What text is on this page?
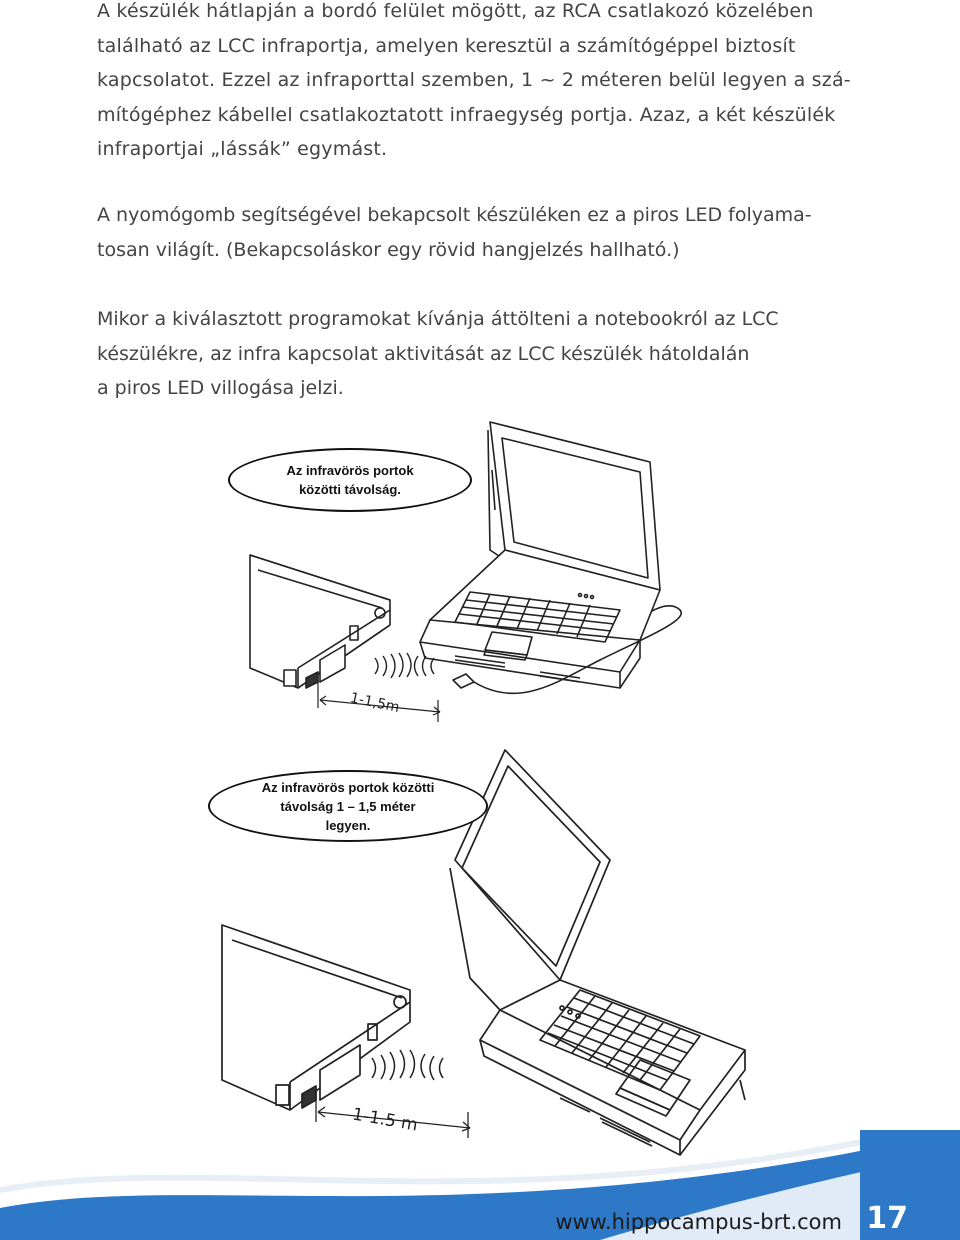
A készülék hátlapján a bordó felület mögött, az RCA csatlakozó közelében
található az LCC infraportja, amelyen keresztül a számítógéppel biztosít
kapcsolatot. Ezzel az infraporttal szemben, 1 ~ 2 méteren belül legyen a szá-
mítógéphez kábellel csatlakoztatott infraegység portja. Azaz, a két készülék
infraportjai „lássák” egymást.

A nyomógomb segítségével bekapcsolt készüléken ez a piros LED folyama-
tosan világít. (Bekapcsoláskor egy rövid hangjelzés hallható.)

Mikor a kiválasztott programokat kívánja áttölteni a notebookról az LCC
készülékre, az infra kapcsolat aktivitását az LCC készülék hátoldalán
a piros LED villogása jelzi.

1-1,5m
Az infravörös portok
közötti távolság.
1-1.5 m
Az infravörös portok közötti
távolság 1 – 1,5 méter
legyen.
www.hippocampus-brt.com 17
